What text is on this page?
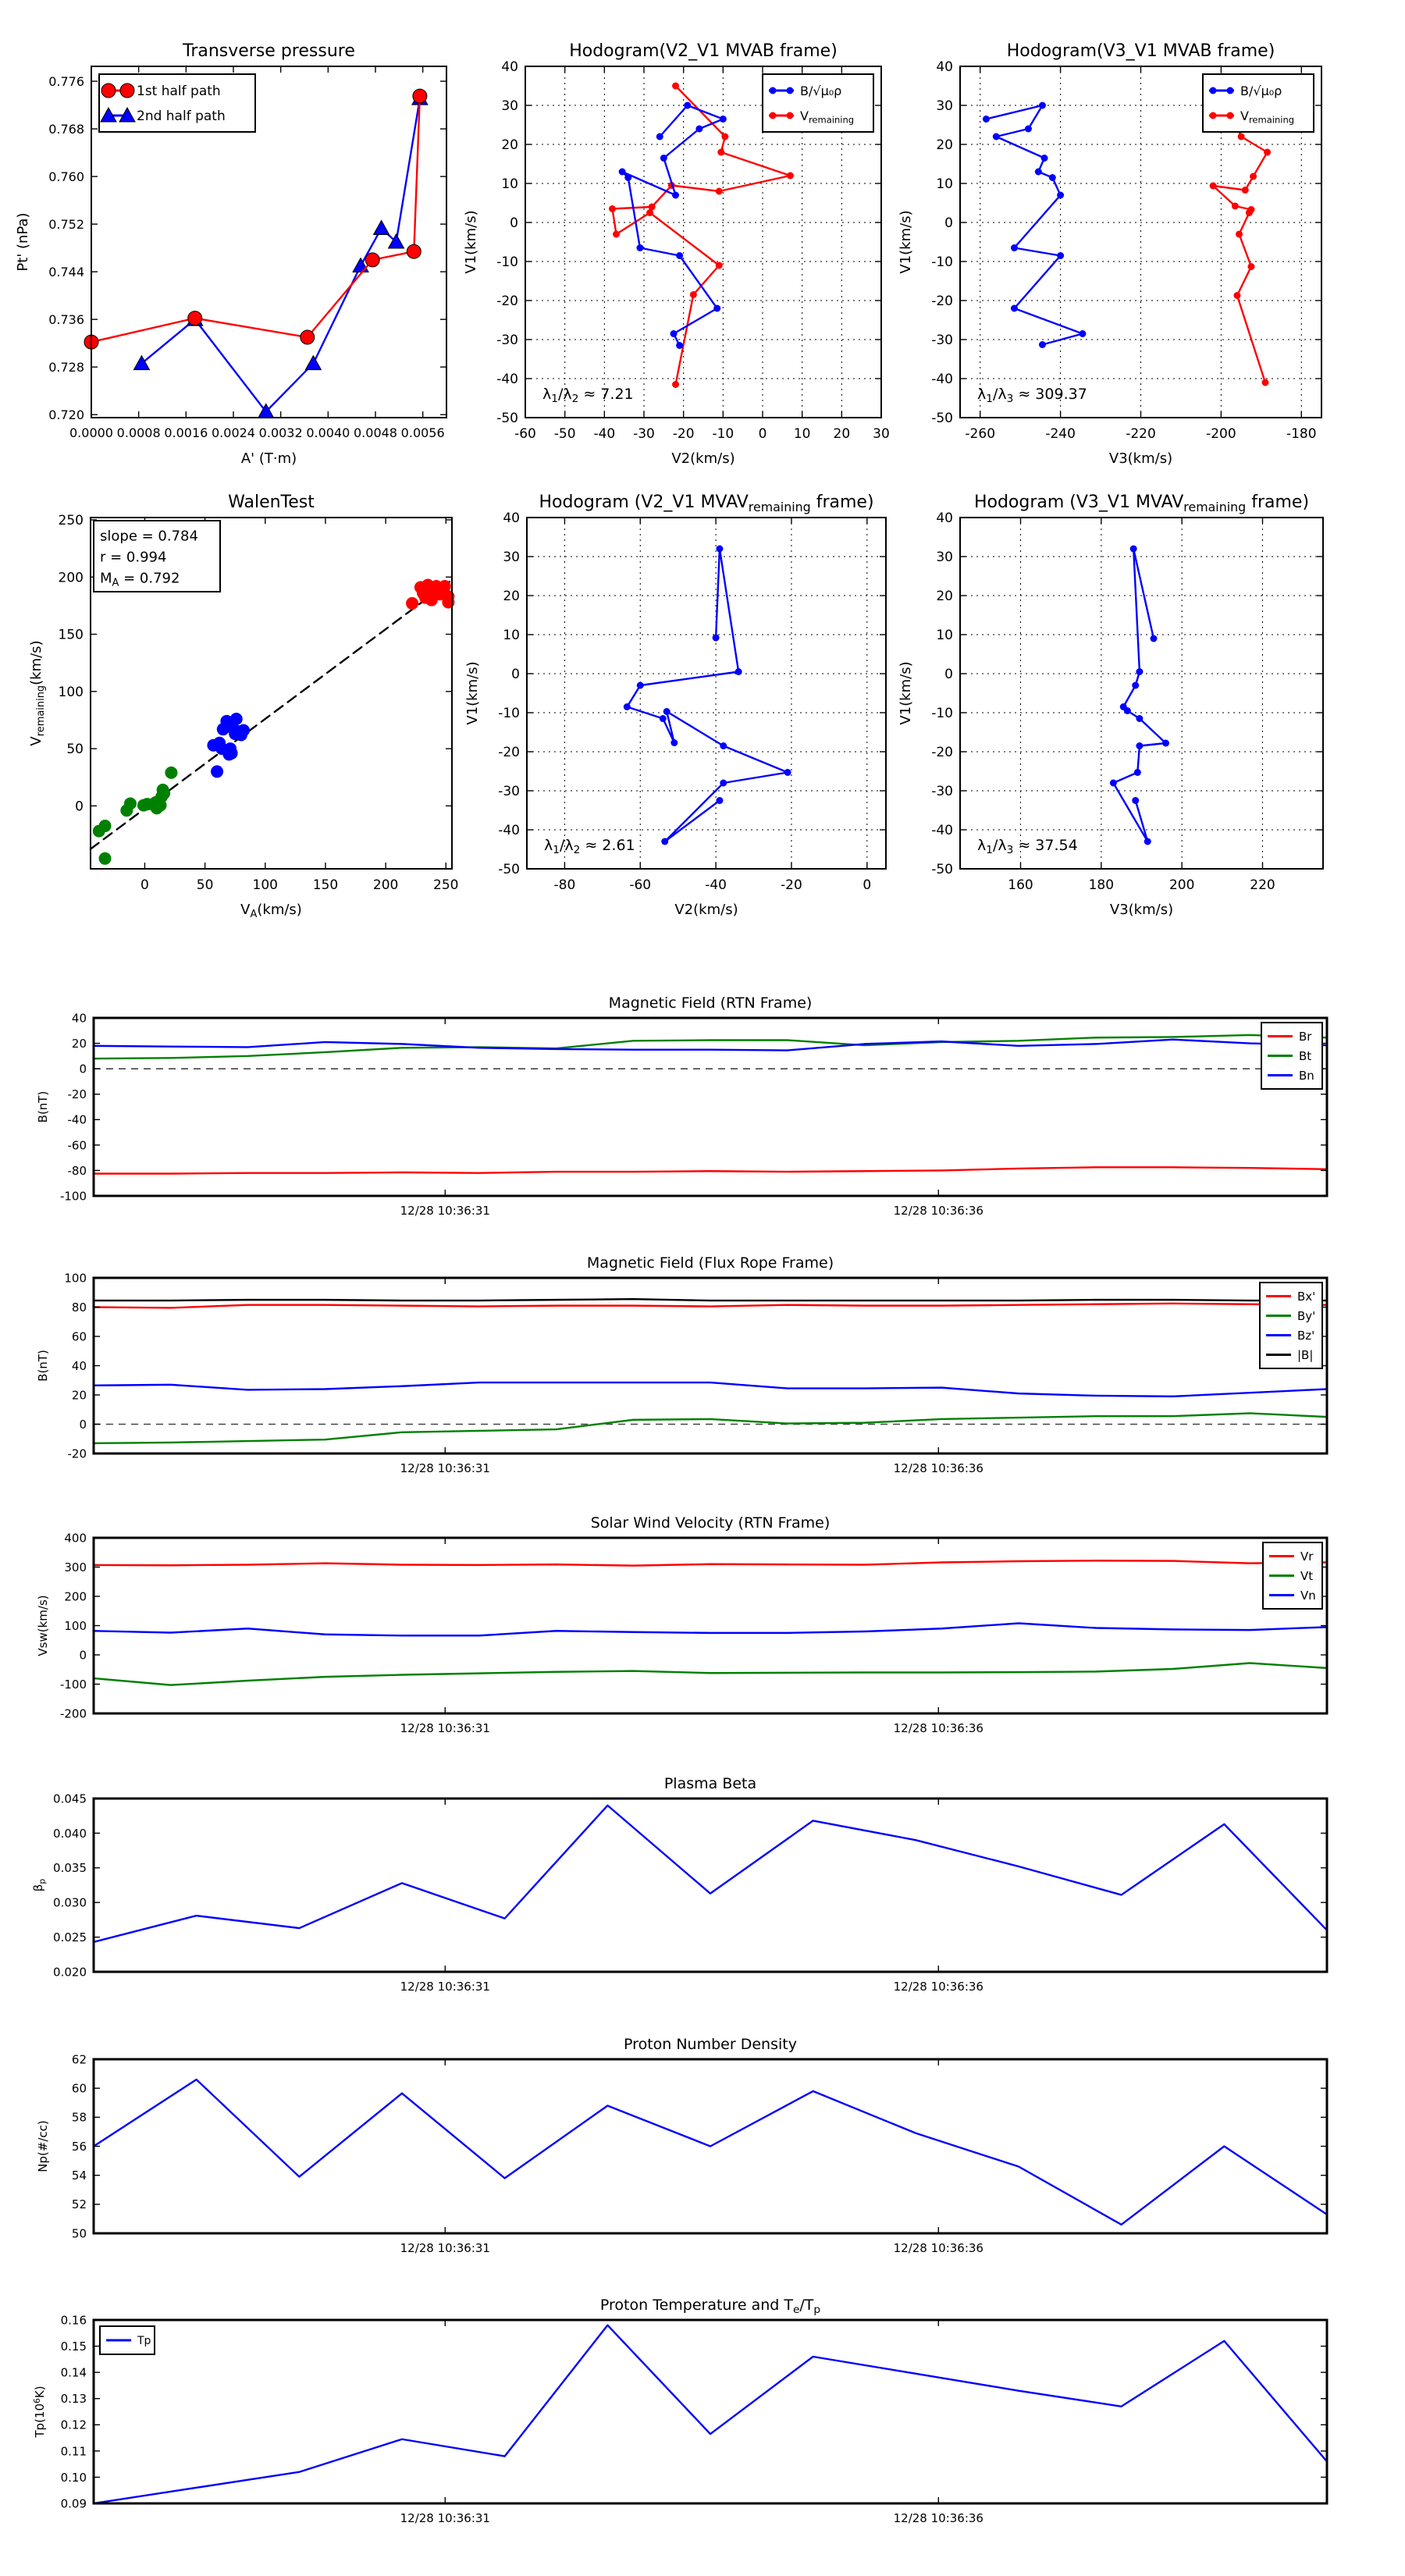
0.0000 0.0008 0.0016 0.0024 0.0032 0.0040 0.0048 0.0056
0.720
0.728
0.736
0.744
0.752
0.760
0.768
0.776
Transverse pressure
A' (T·m)
Pt' (nPa)
1st half path
2nd half path
-60 -50 -40 -30 -20 -10 0 10 20 30
-50
-40
-30
-20
-10
0
10
20
30
40
Hodogram(V2_V1 MVAB frame)
V2(km/s)
V1(km/s)
B/√μ₀ρ
$V_{remaining}$
$\lambda_1/\lambda_2 \approx 7.21$
-260	-240	-220	-200	-180
-50
-40
-30
-20
-10
0
10
20
30
40
Hodogram(V3_V1 MVAB frame)
V3(km/s)
V1(km/s)
B/√μ₀ρ
$V_{remaining}$
$\lambda_1/\lambda_3 \approx 309.37$
0	50	100	150	200	250
0
50
100
150
200
250
WalenTest
$V_A(km/s)$
$V_{remaining}(km/s)$
slope = 0.784
r = 0.994
$M_A = 0.792$
-80	-60	-40	-20	0
-50
-40
-30
-20
-10
0
10
20
30
40
Hodogram (V2_V1 $MVAV_{remaining}$ frame)
V2(km/s)
V1(km/s)
$\lambda_1/\lambda_2 \approx 2.61$
160	180	200	220
-50
-40
-30
-20
-10
0
10
20
30
40
Hodogram (V3_V1 $MVAV_{remaining}$ frame)
V3(km/s)
V1(km/s)
$\lambda_1/\lambda_3 \approx 37.54$
12/28 10:36:31	12/28 10:36:36
-100
-80
-60
-40
-20
0
20
40
Magnetic Field (RTN Frame)
B(nT)
Br
Bt
Bn
12/28 10:36:31	12/28 10:36:36
-20
0
20
40
60
80
100
Magnetic Field (Flux Rope Frame)
B(nT)
Bx'
By'
Bz'
|B|
12/28 10:36:31	12/28 10:36:36
-200
-100
0
100
200
300
400
Solar Wind Velocity (RTN Frame)
Vsw(km/s)
Vr
Vt
Vn
12/28 10:36:31	12/28 10:36:36
0.020
0.025
0.030
0.035
0.040
0.045
Plasma Beta
$\beta_p$
12/28 10:36:31	12/28 10:36:36
50
52
54
56
58
60
62
Proton Number Density
Np(#/cc)
12/28 10:36:31	12/28 10:36:36
0.09
0.10
0.11
0.12
0.13
0.14
0.15
0.16
Proton Temperature and $T_e/T_p$
$Tp(10^6K)$
Tp
